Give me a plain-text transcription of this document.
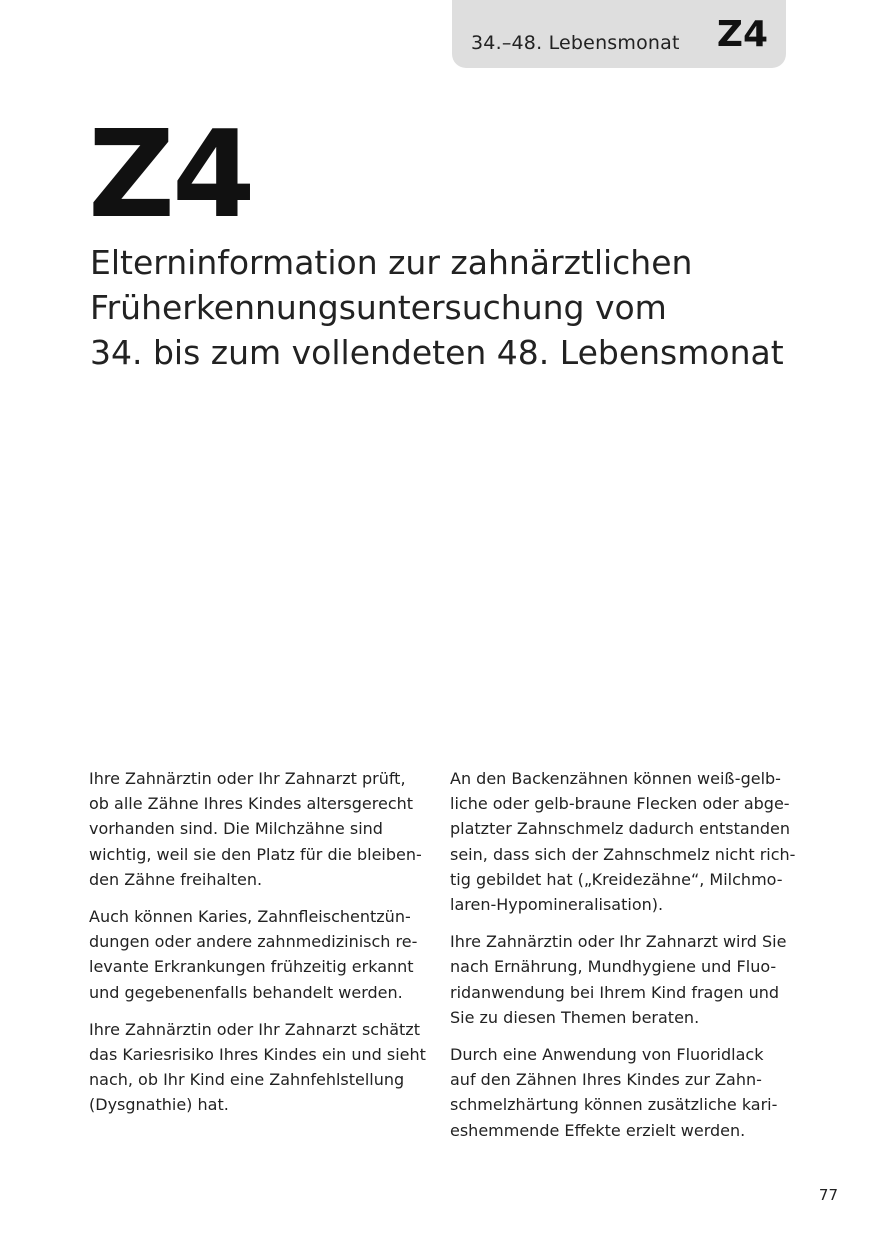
34.–48. Lebensmonat Z4
Z4
Elterninformation zur zahnärztlichen
Früherkennungsuntersuchung vom
34. bis zum vollendeten 48. Lebensmonat

Ihre Zahnärztin oder Ihr Zahnarzt prüft,
ob alle Zähne Ihres Kindes altersgerecht
vorhanden sind. Die Milchzähne sind
wichtig, weil sie den Platz für die bleiben-
den Zähne freihalten.

Auch können Karies, Zahnfleischentzün-
dungen oder andere zahnmedizinisch re-
levante Erkrankungen frühzeitig erkannt
und gegebenenfalls behandelt werden.

Ihre Zahnärztin oder Ihr Zahnarzt schätzt
das Kariesrisiko Ihres Kindes ein und sieht
nach, ob Ihr Kind eine Zahnfehlstellung
(Dysgnathie) hat.

An den Backenzähnen können weiß-gelb-
liche oder gelb-braune Flecken oder abge-
platzter Zahnschmelz dadurch entstanden
sein, dass sich der Zahnschmelz nicht rich-
tig gebildet hat („Kreidezähne“, Milchmo-
laren-Hypomineralisation).

Ihre Zahnärztin oder Ihr Zahnarzt wird Sie
nach Ernährung, Mundhygiene und Fluo-
ridanwendung bei Ihrem Kind fragen und
Sie zu diesen Themen beraten.

Durch eine Anwendung von Fluoridlack
auf den Zähnen Ihres Kindes zur Zahn-
schmelzhärtung können zusätzliche kari-
eshemmende Effekte erzielt werden.

77
